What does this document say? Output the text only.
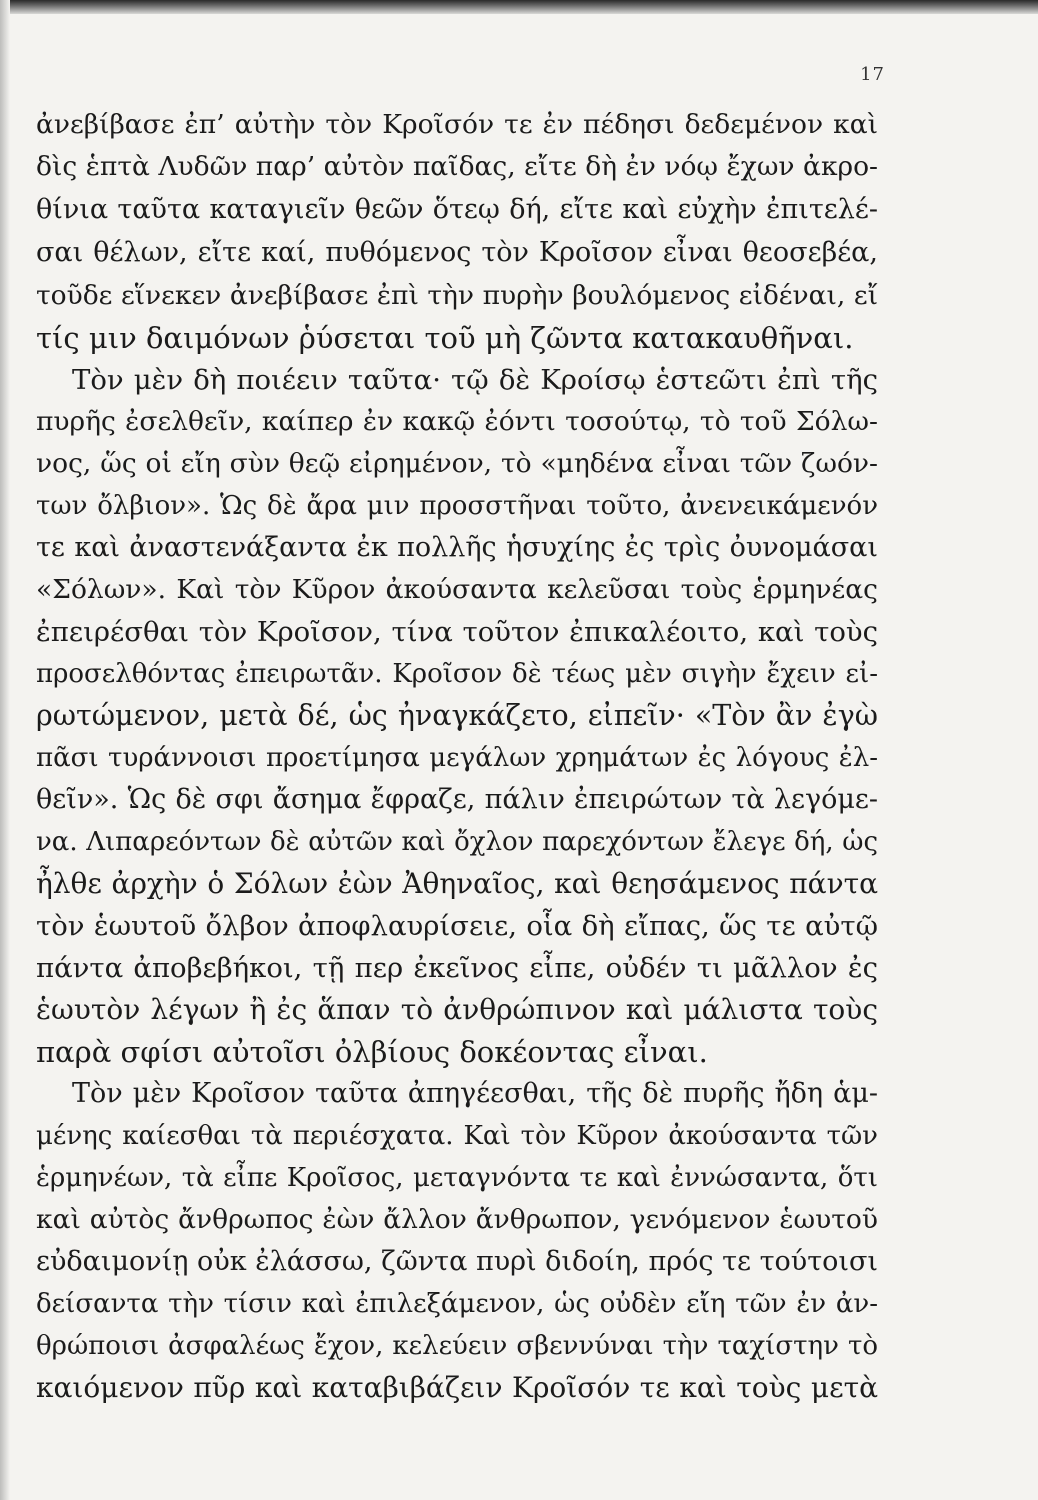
17
ἀνεβίβασε ἐπ’ αὐτὴν τὸν Κροῖσόν τε ἐν πέδησι δεδεμένον καὶ
δὶς ἑπτὰ Λυδῶν παρ’ αὐτὸν παῖδας, εἴτε δὴ ἐν νόῳ ἔχων ἀκρο-
θίνια ταῦτα καταγιεῖν θεῶν ὅτεῳ δή, εἴτε καὶ εὐχὴν ἐπιτελέ-
σαι θέλων, εἴτε καί, πυθόμενος τὸν Κροῖσον εἶναι θεοσεβέα,
τοῦδε εἵνεκεν ἀνεβίβασε ἐπὶ τὴν πυρὴν βουλόμενος εἰδέναι, εἴ
τίς μιν δαιμόνων ῥύσεται τοῦ μὴ ζῶντα κατακαυθῆναι.
Τὸν μὲν δὴ ποιέειν ταῦτα· τῷ δὲ Κροίσῳ ἑστεῶτι ἐπὶ τῆς
πυρῆς ἐσελθεῖν, καίπερ ἐν κακῷ ἐόντι τοσούτῳ, τὸ τοῦ Σόλω-
νος, ὥς οἱ εἴη σὺν θεῷ εἰρημένον, τὸ «μηδένα εἶναι τῶν ζωόν-
των ὄλβιον». Ὡς δὲ ἄρα μιν προσστῆναι τοῦτο, ἀνενεικάμενόν
τε καὶ ἀναστενάξαντα ἐκ πολλῆς ἡσυχίης ἐς τρὶς ὀυνομάσαι
«Σόλων». Καὶ τὸν Κῦρον ἀκούσαντα κελεῦσαι τοὺς ἑρμηνέας
ἐπειρέσθαι τὸν Κροῖσον, τίνα τοῦτον ἐπικαλέοιτο, καὶ τοὺς
προσελθόντας ἐπειρωτᾶν. Κροῖσον δὲ τέως μὲν σιγὴν ἔχειν εἰ-
ρωτώμενον, μετὰ δέ, ὡς ἠναγκάζετο, εἰπεῖν· «Τὸν ἂν ἐγὼ
πᾶσι τυράννοισι προετίμησα μεγάλων χρημάτων ἐς λόγους ἐλ-
θεῖν». Ὡς δὲ σφι ἄσημα ἔφραζε, πάλιν ἐπειρώτων τὰ λεγόμε-
να. Λιπαρεόντων δὲ αὐτῶν καὶ ὄχλον παρεχόντων ἔλεγε δή, ὡς
ἦλθε ἀρχὴν ὁ Σόλων ἐὼν Ἀθηναῖος, καὶ θεησάμενος πάντα
τὸν ἑωυτοῦ ὄλβον ἀποφλαυρίσειε, οἷα δὴ εἴπας, ὥς τε αὐτῷ
πάντα ἀποβεβήκοι, τῇ περ ἐκεῖνος εἶπε, οὐδέν τι μᾶλλον ἐς
ἑωυτὸν λέγων ἢ ἐς ἅπαν τὸ ἀνθρώπινον καὶ μάλιστα τοὺς
παρὰ σφίσι αὐτοῖσι ὀλβίους δοκέοντας εἶναι.
Τὸν μὲν Κροῖσον ταῦτα ἀπηγέεσθαι, τῆς δὲ πυρῆς ἤδη ἁμ-
μένης καίεσθαι τὰ περιέσχατα. Καὶ τὸν Κῦρον ἀκούσαντα τῶν
ἑρμηνέων, τὰ εἶπε Κροῖσος, μεταγνόντα τε καὶ ἐννώσαντα, ὅτι
καὶ αὐτὸς ἄνθρωπος ἐὼν ἄλλον ἄνθρωπον, γενόμενον ἑωυτοῦ
εὐδαιμονίῃ οὐκ ἐλάσσω, ζῶντα πυρὶ διδοίη, πρός τε τούτοισι
δείσαντα τὴν τίσιν καὶ ἐπιλεξάμενον, ὡς οὐδὲν εἴη τῶν ἐν ἀν-
θρώποισι ἀσφαλέως ἔχον, κελεύειν σβεννύναι τὴν ταχίστην τὸ
καιόμενον πῦρ καὶ καταβιβάζειν Κροῖσόν τε καὶ τοὺς μετὰ
